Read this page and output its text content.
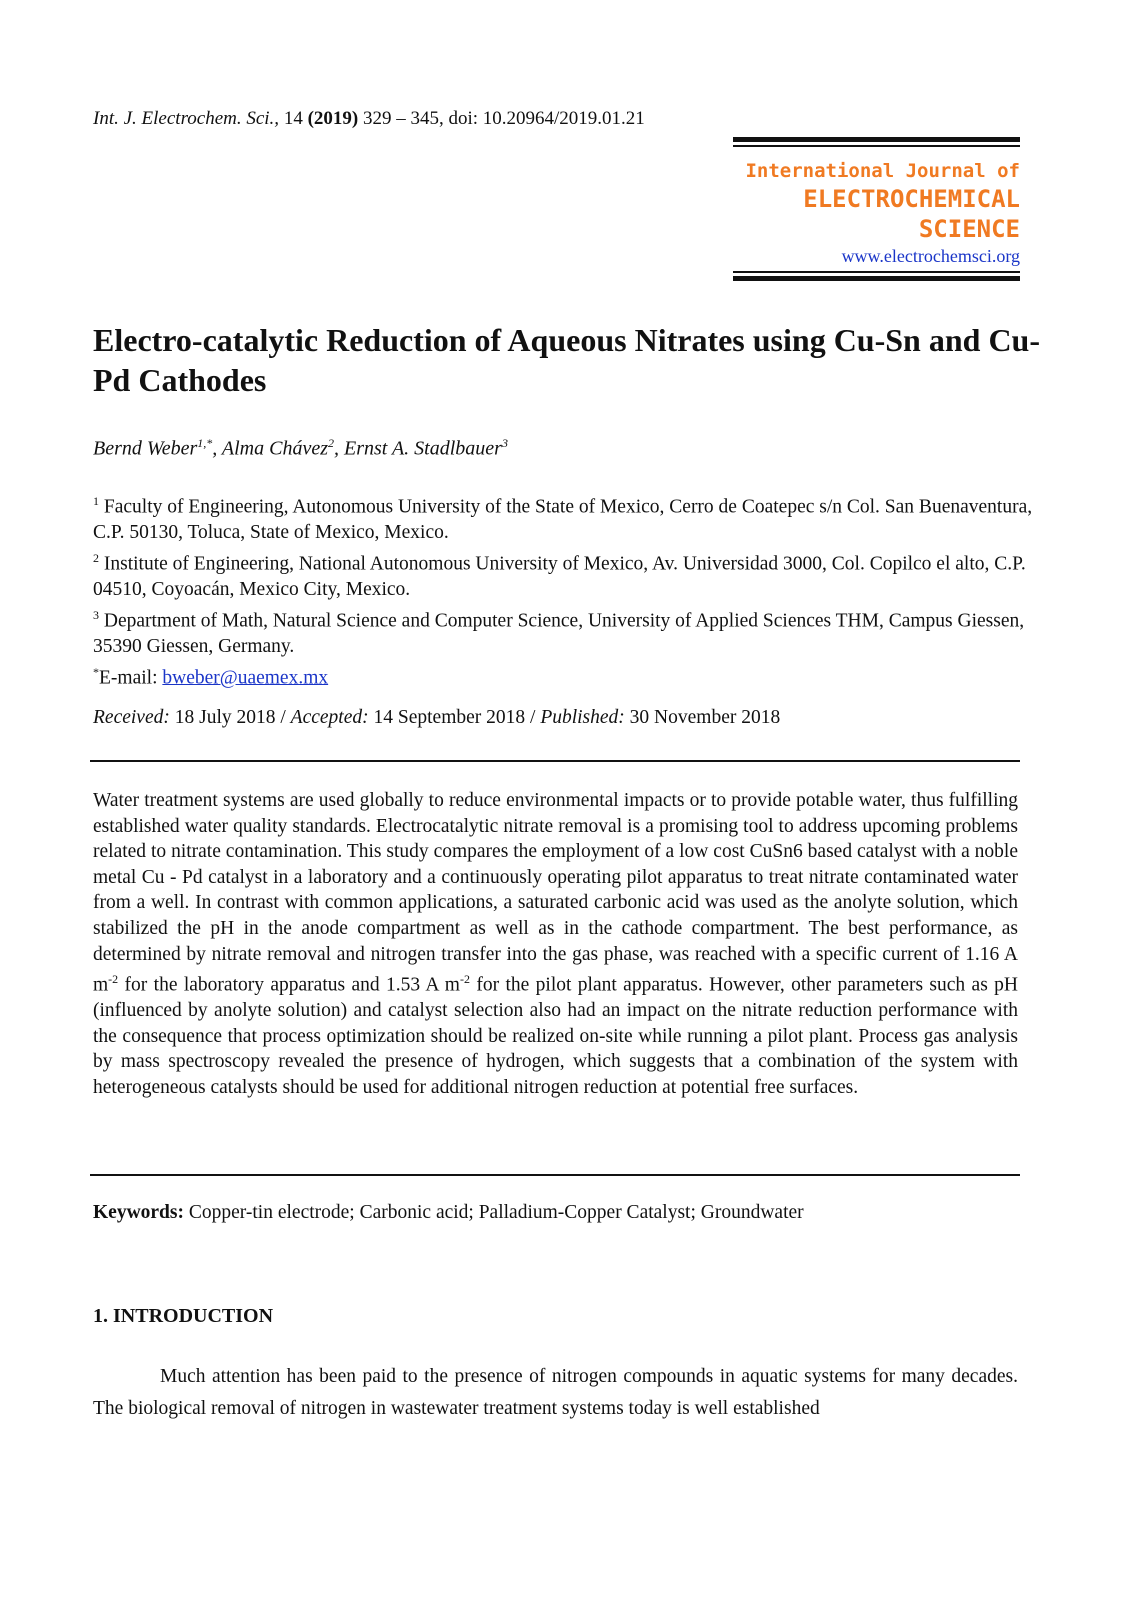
Int. J. Electrochem. Sci., 14 (2019) 329 – 345, doi: 10.20964/2019.01.21
International Journal of
ELECTROCHEMICAL
SCIENCE
www.electrochemsci.org
Electro-catalytic Reduction of Aqueous Nitrates using Cu-Sn and Cu-Pd Cathodes
Bernd Weber$^{1,*}$, Alma Chávez$^2$, Ernst A. Stadlbauer$^3$
$^1$ Faculty of Engineering, Autonomous University of the State of Mexico, Cerro de Coatepec s/n Col. San Buenaventura, C.P. 50130, Toluca, State of Mexico, Mexico.
$^2$ Institute of Engineering, National Autonomous University of Mexico, Av. Universidad 3000, Col. Copilco el alto, C.P. 04510, Coyoacán, Mexico City, Mexico.
$^3$ Department of Math, Natural Science and Computer Science, University of Applied Sciences THM, Campus Giessen, 35390 Giessen, Germany.
*E-mail: bweber@uaemex.mx
Received: 18 July 2018 / Accepted: 14 September 2018 / Published: 30 November 2018
Water treatment systems are used globally to reduce environmental impacts or to provide potable water, thus fulfilling established water quality standards. Electrocatalytic nitrate removal is a promising tool to address upcoming problems related to nitrate contamination. This study compares the employment of a low cost CuSn6 based catalyst with a noble metal Cu - Pd catalyst in a laboratory and a continuously operating pilot apparatus to treat nitrate contaminated water from a well. In contrast with common applications, a saturated carbonic acid was used as the anolyte solution, which stabilized the pH in the anode compartment as well as in the cathode compartment. The best performance, as determined by nitrate removal and nitrogen transfer into the gas phase, was reached with a specific current of 1.16 A $m^{-2}$ for the laboratory apparatus and 1.53 A $m^{-2}$ for the pilot plant apparatus. However, other parameters such as pH (influenced by anolyte solution) and catalyst selection also had an impact on the nitrate reduction performance with the consequence that process optimization should be realized on-site while running a pilot plant. Process gas analysis by mass spectroscopy revealed the presence of hydrogen, which suggests that a combination of the system with heterogeneous catalysts should be used for additional nitrogen reduction at potential free surfaces.
Keywords: Copper-tin electrode; Carbonic acid; Palladium-Copper Catalyst; Groundwater
1. INTRODUCTION
Much attention has been paid to the presence of nitrogen compounds in aquatic systems for many decades. The biological removal of nitrogen in wastewater treatment systems today is well established
